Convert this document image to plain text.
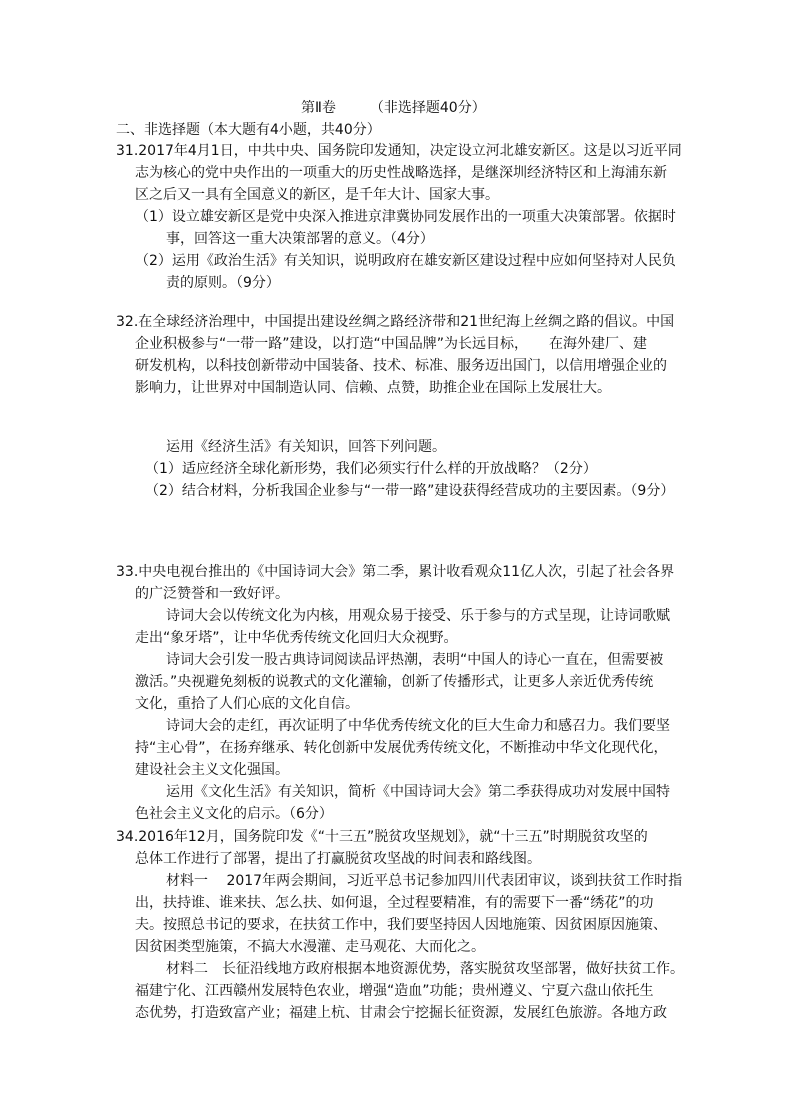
第Ⅱ卷 （非选择题40分）
二、非选择题（本大题有4小题，共40分）
31.2017年4月1日，中共中央、国务院印发通知，决定设立河北雄安新区。这是以习近平同
志为核心的党中央作出的一项重大的历史性战略选择，是继深圳经济特区和上海浦东新
区之后又一具有全国意义的新区，是千年大计、国家大事。
（1）设立雄安新区是党中央深入推进京津冀协同发展作出的一项重大决策部署。依据时
事，回答这一重大决策部署的意义。（4分）
（2）运用《政治生活》有关知识，说明政府在雄安新区建设过程中应如何坚持对人民负
责的原则。（9分）
32.在全球经济治理中，中国提出建设丝绸之路经济带和21世纪海上丝绸之路的倡议。中国
企业积极参与“一带一路”建设，以打造“中国品牌”为长远目标，　　在海外建厂、建
研发机构，以科技创新带动中国装备、技术、标准、服务迈出国门，以信用增强企业的
影响力，让世界对中国制造认同、信赖、点赞，助推企业在国际上发展壮大。
运用《经济生活》有关知识，回答下列问题。
（1）适应经济全球化新形势，我们必须实行什么样的开放战略？（2分）
（2）结合材料，分析我国企业参与“一带一路”建设获得经营成功的主要因素。（9分）
33.中央电视台推出的《中国诗词大会》第二季，累计收看观众11亿人次，引起了社会各界
的广泛赞誉和一致好评。
诗词大会以传统文化为内核，用观众易于接受、乐于参与的方式呈现，让诗词歌赋
走出“象牙塔”，让中华优秀传统文化回归大众视野。
诗词大会引发一股古典诗词阅读品评热潮，表明“中国人的诗心一直在，但需要被
激活。”央视避免刻板的说教式的文化灌输，创新了传播形式，让更多人亲近优秀传统
文化，重拾了人们心底的文化自信。
诗词大会的走红，再次证明了中华优秀传统文化的巨大生命力和感召力。我们要坚
持“主心骨”，在扬弃继承、转化创新中发展优秀传统文化，不断推动中华文化现代化，
建设社会主义文化强国。
运用《文化生活》有关知识，简析《中国诗词大会》第二季获得成功对发展中国特
色社会主义文化的启示。（6分）
34.2016年12月，国务院印发《“十三五”脱贫攻坚规划》，就“十三五”时期脱贫攻坚的
总体工作进行了部署，提出了打赢脱贫攻坚战的时间表和路线图。
材料一　 2017年两会期间，习近平总书记参加四川代表团审议，谈到扶贫工作时指
出，扶持谁、谁来扶、怎么扶、如何退，全过程要精准，有的需要下一番“绣花”的功
夫。按照总书记的要求，在扶贫工作中，我们要坚持因人因地施策、因贫困原因施策、
因贫困类型施策，不搞大水漫灌、走马观花、大而化之。
材料二　长征沿线地方政府根据本地资源优势，落实脱贫攻坚部署，做好扶贫工作。
福建宁化、江西赣州发展特色农业，增强“造血”功能；贵州遵义、宁夏六盘山依托生
态优势，打造致富产业；福建上杭、甘肃会宁挖掘长征资源，发展红色旅游。各地方政
